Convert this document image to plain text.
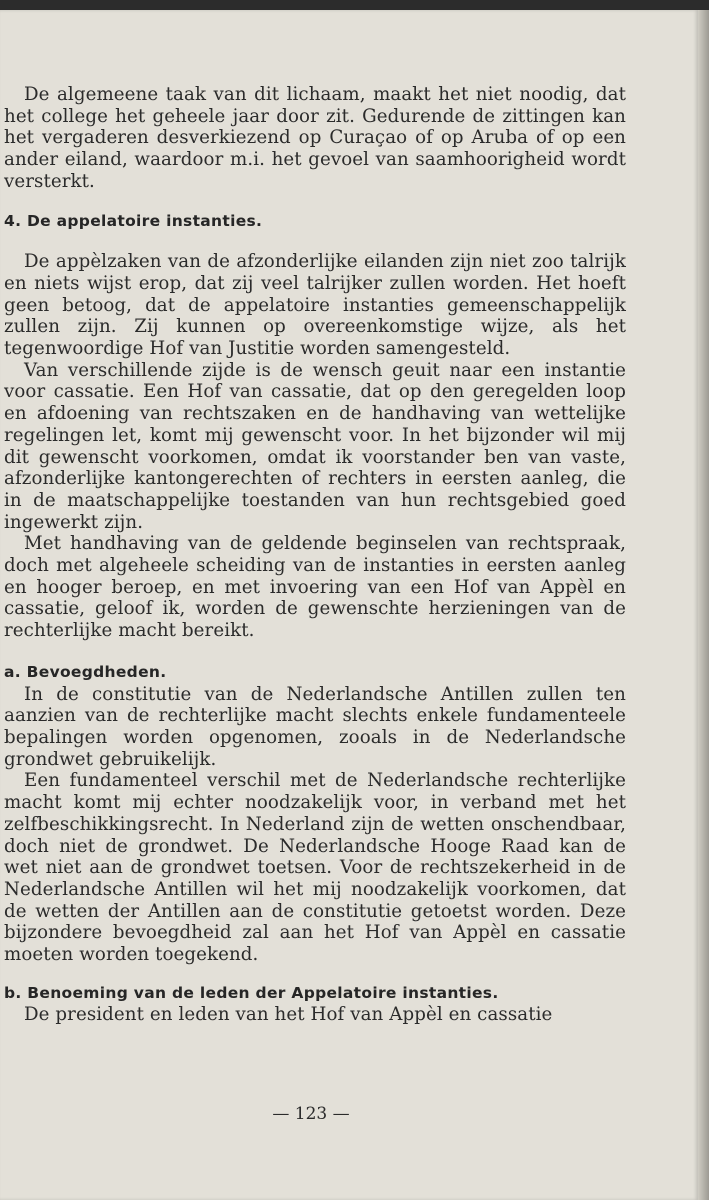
De algemeene taak van dit lichaam, maakt het niet noodig, dat het college het geheele jaar door zit. Gedurende de zittingen kan het vergaderen desverkiezend op Curaçao of op Aruba of op een ander eiland, waardoor m.i. het gevoel van saamhoorigheid wordt versterkt.

4. De appelatoire instanties.

De appèlzaken van de afzonderlijke eilanden zijn niet zoo talrijk en niets wijst erop, dat zij veel talrijker zullen worden. Het hoeft geen betoog, dat de appelatoire instanties gemeenschappelijk zullen zijn. Zij kunnen op overeenkomstige wijze, als het tegenwoordige Hof van Justitie worden samengesteld.

Van verschillende zijde is de wensch geuit naar een instantie voor cassatie. Een Hof van cassatie, dat op den geregelden loop en afdoening van rechtszaken en de handhaving van wettelijke regelingen let, komt mij gewenscht voor. In het bijzonder wil mij dit gewenscht voorkomen, omdat ik voorstander ben van vaste, afzonderlijke kantongerechten of rechters in eersten aanleg, die in de maatschappelijke toestanden van hun rechtsgebied goed ingewerkt zijn.

Met handhaving van de geldende beginselen van rechtspraak, doch met algeheele scheiding van de instanties in eersten aanleg en hooger beroep, en met invoering van een Hof van Appèl en cassatie, geloof ik, worden de gewenschte herzieningen van de rechterlijke macht bereikt.

a. Bevoegdheden.

In de constitutie van de Nederlandsche Antillen zullen ten aanzien van de rechterlijke macht slechts enkele fundamenteele bepalingen worden opgenomen, zooals in de Nederlandsche grondwet gebruikelijk.

Een fundamenteel verschil met de Nederlandsche rechterlijke macht komt mij echter noodzakelijk voor, in verband met het zelfbeschikkingsrecht. In Nederland zijn de wetten onschendbaar, doch niet de grondwet. De Nederlandsche Hooge Raad kan de wet niet aan de grondwet toetsen. Voor de rechtszekerheid in de Nederlandsche Antillen wil het mij noodzakelijk voorkomen, dat de wetten der Antillen aan de constitutie getoetst worden. Deze bijzondere bevoegdheid zal aan het Hof van Appèl en cassatie moeten worden toegekend.

b. Benoeming van de leden der Appelatoire instanties.

De president en leden van het Hof van Appèl en cassatie

— 123 —
